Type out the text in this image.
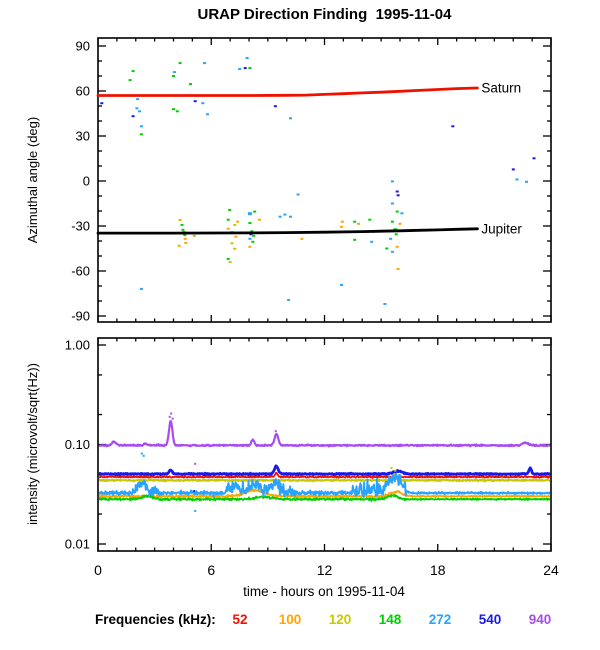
URAP Direction Finding  1995-11-04
-90
-60
-30
0
30
60
90
1.00
0.10
0.01
0	6	12	18	24
time - hours on 1995-11-04
Azimuthal angle (deg)
intensity (microvolt/sqrt(Hz))
Saturn
Jupiter
Frequencies (kHz): 52 100 120 148 272 540 940
